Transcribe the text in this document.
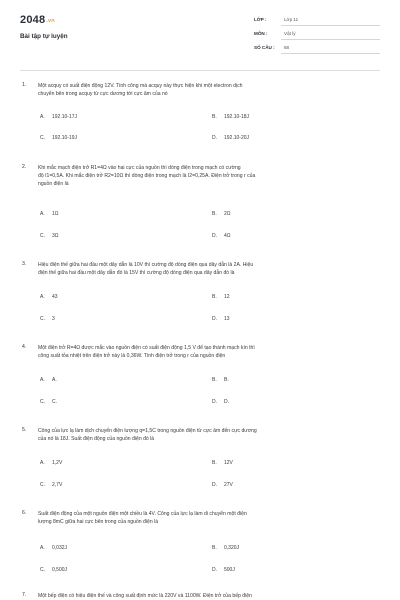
2048.vn
Bài tập tự luyện
LỚP :	Lớp 11
MÔN :	Vật lý
SỐ CÂU : 68
1. Một acquy có suất điện động 12V. Tính công mà acquy này thực hiện khi một electron dịch
chuyển bên trong acquy từ cực dương tới cực âm của nó
A. 192.10-17J	B. 192.10-18J
C. 192.10-19J	D. 192.10-20J
2. Khi mắc mạch điện trở R1=4Ω vào hai cực của nguồn thì dòng điện trong mạch có cường
độ I1=0,5A. Khi mắc điện trở R2=10Ω thì dòng điện trong mạch là I2=0,25A. Điện trở trong r của
nguồn điện là
A. 1Ω	B. 2Ω
C. 3Ω	D. 4Ω
3. Hiệu điện thế giữa hai đầu một dây dẫn là 10V thì cường độ dòng điện qua dây dẫn là 2A. Hiệu
điện thế giữa hai đầu một dây dẫn đó là 15V thì cường độ dòng điện qua dây dẫn đó là
A. 43	B. 12
C. 3	D. 13
4. Một điện trở R=4Ω được mắc vào nguồn điện có suất điện động 1,5 V để tạo thành mạch kín thì
công suất tỏa nhiệt trên điện trở này là 0,36W. Tính điện trở trong r của nguồn điện
A. A.	B. B.
C. C.	D. D.
5. Công của lực lạ làm dịch chuyển điện lượng q=1,5C trong nguồn điện từ cực âm đến cực dương
của nó là 18J. Suất điện động của nguồn điện đó là
A. 1,2V	B. 12V
C. 2,7V	D. 27V
6. Suất điện động của một nguồn điện một chiều là 4V. Công của lực lạ làm di chuyển một điện
lượng 8mC giữa hai cực bên trong của nguồn điện là
A. 0,032J	B. 0,320J
C. 0,500J	D. 500J
7. Một bếp điện có hiệu điện thế và công suất định mức là 220V và 1100W. Điện trở của bếp điện
